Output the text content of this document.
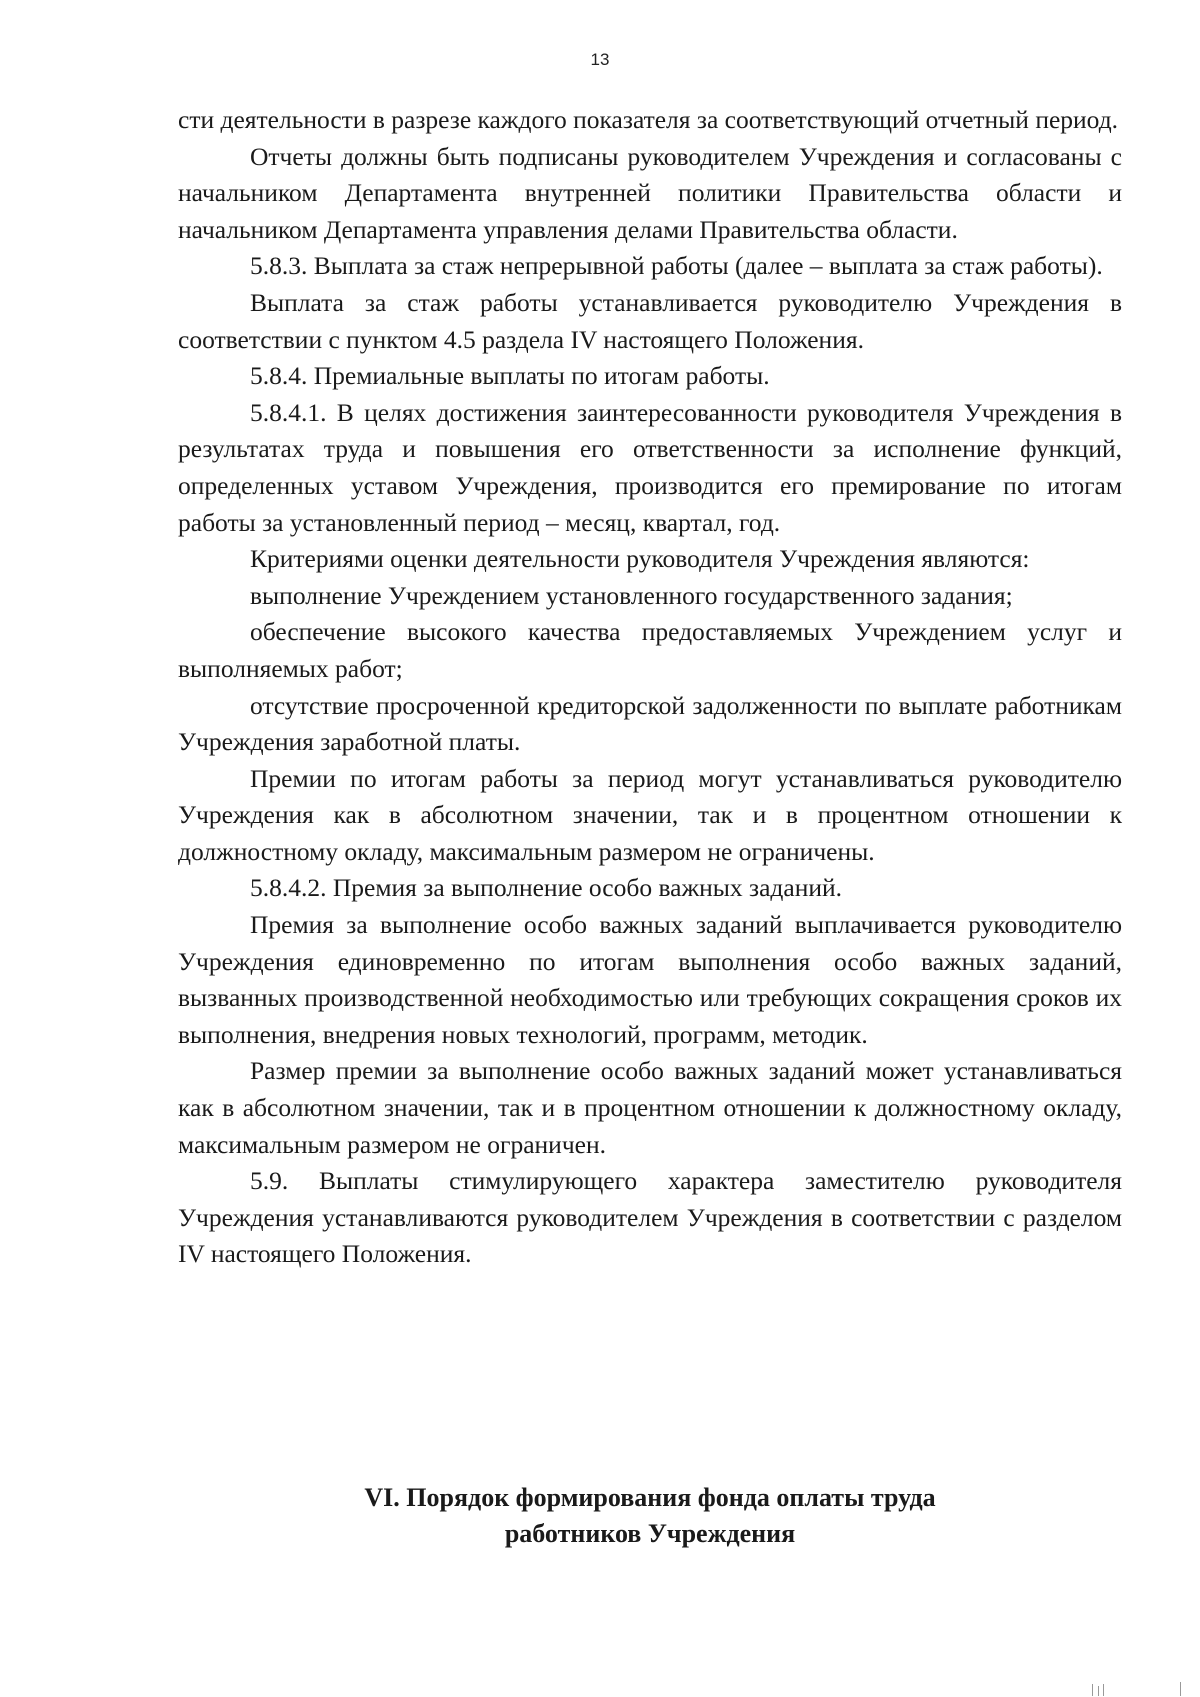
13

сти деятельности в разрезе каждого показателя за соответствующий отчетный период.

Отчеты должны быть подписаны руководителем Учреждения и согласованы с начальником Департамента внутренней политики Правительства области и начальником Департамента управления делами Правительства области.

5.8.3. Выплата за стаж непрерывной работы (далее – выплата за стаж работы).

Выплата за стаж работы устанавливается руководителю Учреждения в соответствии с пунктом 4.5 раздела IV настоящего Положения.

5.8.4. Премиальные выплаты по итогам работы.

5.8.4.1. В целях достижения заинтересованности руководителя Учреждения в результатах труда и повышения его ответственности за исполнение функций, определенных уставом Учреждения, производится его премирование по итогам работы за установленный период – месяц, квартал, год.

Критериями оценки деятельности руководителя Учреждения являются:

выполнение Учреждением установленного государственного задания;

обеспечение высокого качества предоставляемых Учреждением услуг и выполняемых работ;

отсутствие просроченной кредиторской задолженности по выплате работникам Учреждения заработной платы.

Премии по итогам работы за период могут устанавливаться руководителю Учреждения как в абсолютном значении, так и в процентном отношении к должностному окладу, максимальным размером не ограничены.

5.8.4.2. Премия за выполнение особо важных заданий.

Премия за выполнение особо важных заданий выплачивается руководителю Учреждения единовременно по итогам выполнения особо важных заданий, вызванных производственной необходимостью или требующих сокращения сроков их выполнения, внедрения новых технологий, программ, методик.

Размер премии за выполнение особо важных заданий может устанавливаться как в абсолютном значении, так и в процентном отношении к должностному окладу, максимальным размером не ограничен.

5.9. Выплаты стимулирующего характера заместителю руководителя Учреждения устанавливаются руководителем Учреждения в соответствии с разделом IV настоящего Положения.

VI. Порядок формирования фонда оплаты труда
работников Учреждения
